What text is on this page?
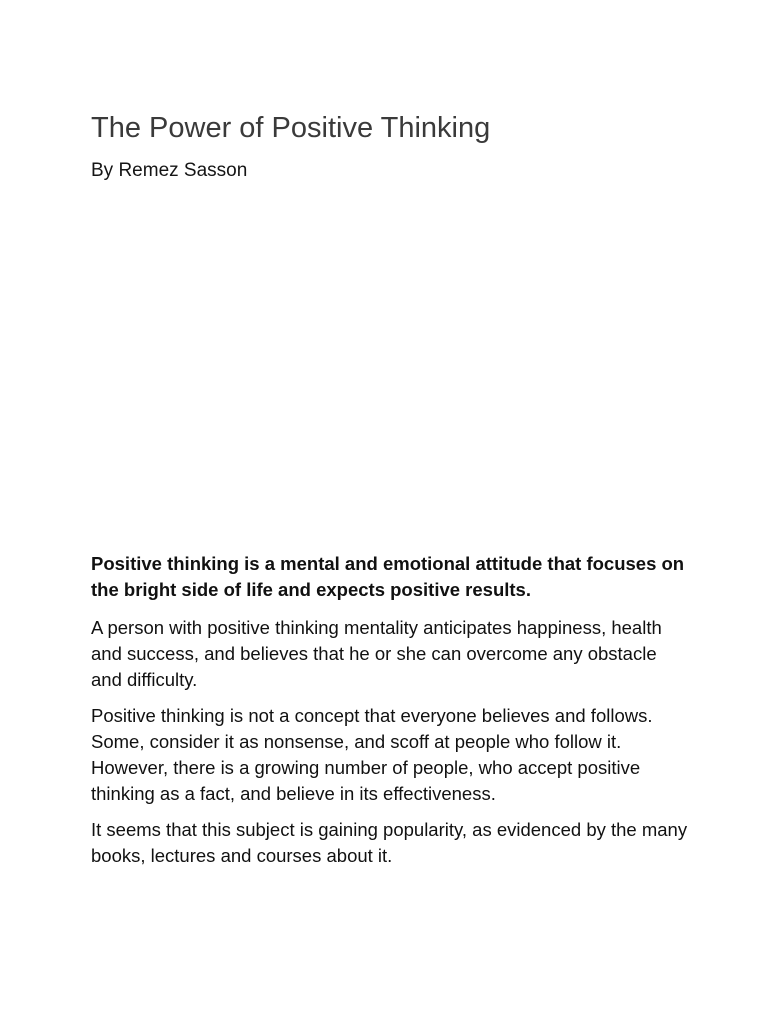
The Power of Positive Thinking

By Remez Sasson

Positive thinking is a mental and emotional attitude that focuses on the bright side of life and expects positive results.

A person with positive thinking mentality anticipates happiness, health and success, and believes that he or she can overcome any obstacle and difficulty.

Positive thinking is not a concept that everyone believes and follows. Some, consider it as nonsense, and scoff at people who follow it. However, there is a growing number of people, who accept positive thinking as a fact, and believe in its effectiveness.

It seems that this subject is gaining popularity, as evidenced by the many books, lectures and courses about it.
